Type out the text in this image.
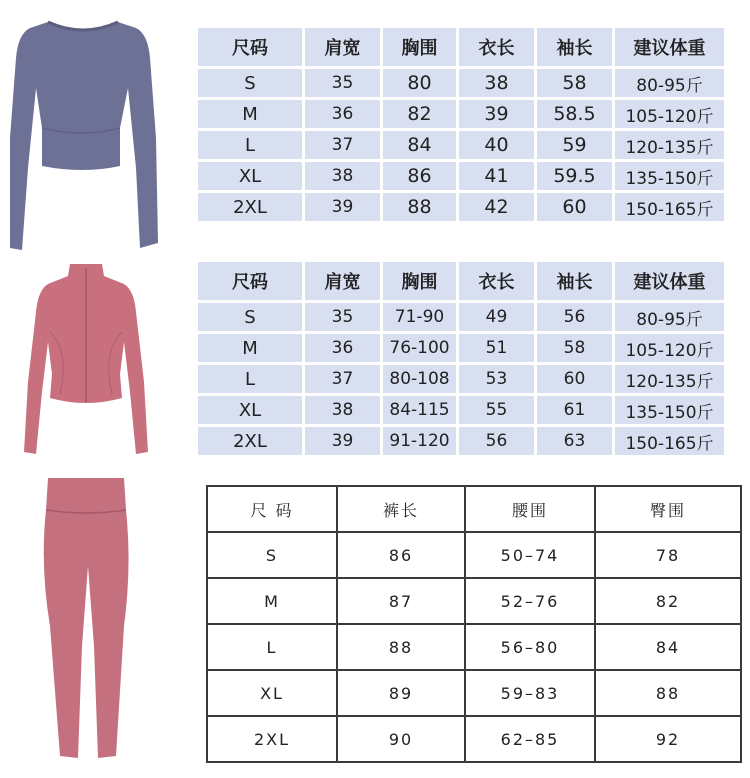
尺码	肩宽	胸围	衣长	袖长	建议体重
S	35	80	38	58	80-95斤
M	36	82	39	58.5	105-120斤
L	37	84	40	59	120-135斤
XL	38	86	41	59.5	135-150斤
2XL	39	88	42	60	150-165斤
尺码	肩宽	胸围	衣长	袖长	建议体重
S	35	71-90	49	56	80-95斤
M	36	76-100	51	58	105-120斤
L	37	80-108	53	60	120-135斤
XL	38	84-115	55	61	135-150斤
2XL	39	91-120	56	63	150-165斤
尺 码	裤长	腰围	臀围
S	86	50–74	78
M	87	52–76	82
L	88	56–80	84
XL	89	59–83	88
2XL	90	62–85	92
